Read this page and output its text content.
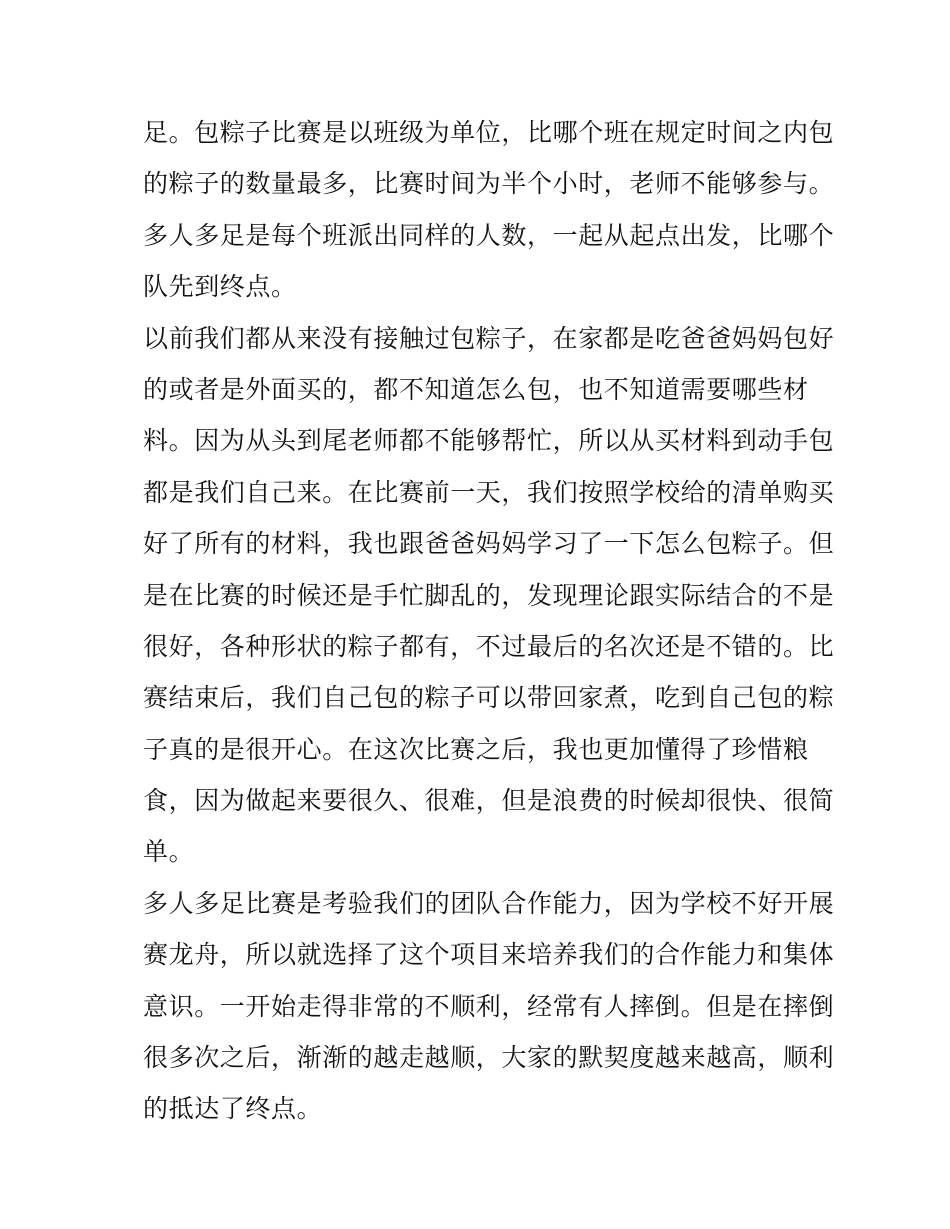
足。包粽子比赛是以班级为单位，比哪个班在规定时间之内包
的粽子的数量最多，比赛时间为半个小时，老师不能够参与。
多人多足是每个班派出同样的人数，一起从起点出发，比哪个
队先到终点。
以前我们都从来没有接触过包粽子，在家都是吃爸爸妈妈包好
的或者是外面买的，都不知道怎么包，也不知道需要哪些材
料。因为从头到尾老师都不能够帮忙，所以从买材料到动手包
都是我们自己来。在比赛前一天，我们按照学校给的清单购买
好了所有的材料，我也跟爸爸妈妈学习了一下怎么包粽子。但
是在比赛的时候还是手忙脚乱的，发现理论跟实际结合的不是
很好，各种形状的粽子都有，不过最后的名次还是不错的。比
赛结束后，我们自己包的粽子可以带回家煮，吃到自己包的粽
子真的是很开心。在这次比赛之后，我也更加懂得了珍惜粮
食，因为做起来要很久、很难，但是浪费的时候却很快、很简
单。
多人多足比赛是考验我们的团队合作能力，因为学校不好开展
赛龙舟，所以就选择了这个项目来培养我们的合作能力和集体
意识。一开始走得非常的不顺利，经常有人摔倒。但是在摔倒
很多次之后，渐渐的越走越顺，大家的默契度越来越高，顺利
的抵达了终点。
